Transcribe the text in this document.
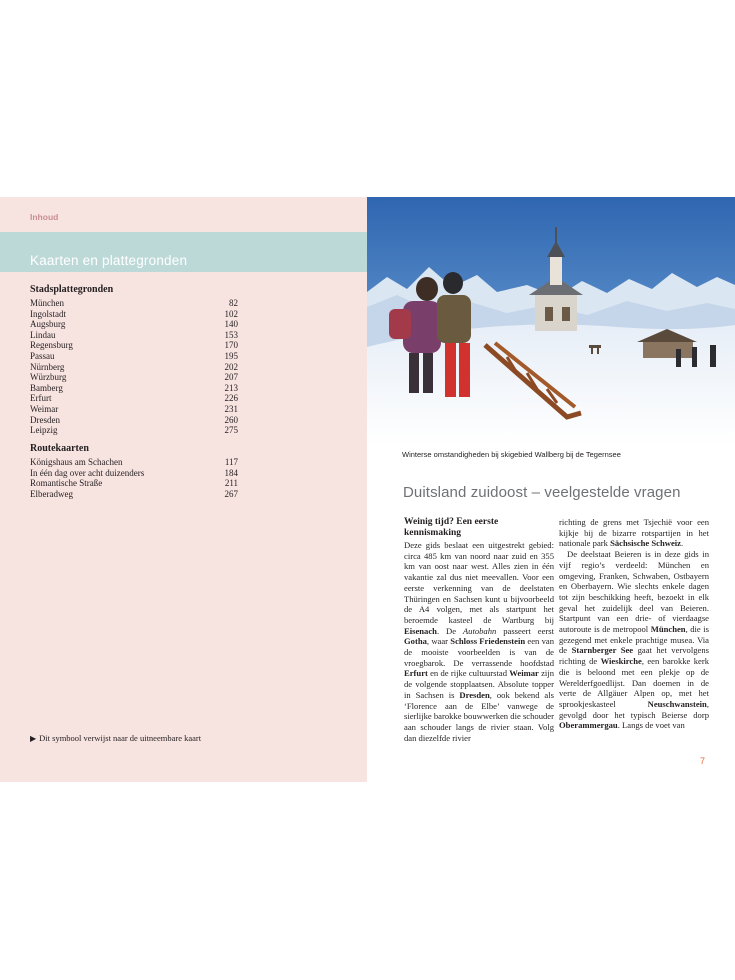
Inhoud
Kaarten en plattegronden
Stadsplattegronden
München	82
Ingolstadt	102
Augsburg	140
Lindau	153
Regensburg	170
Passau	195
Nürnberg	202
Würzburg	207
Bamberg	213
Erfurt	226
Weimar	231
Dresden	260
Leipzig	275
Routekaarten
Königshaus am Schachen	117
In één dag over acht duizenders	184
Romantische Straße	211
Elberadweg	267
▶ Dit symbool verwijst naar de uitneembare kaart
Winterse omstandigheden bij skigebied Wallberg bij de Tegernsee
Duitsland zuidoost – veelgestelde vragen
Weinig tijd? Een eerste kennismaking

Deze gids beslaat een uitgestrekt gebied: circa 485 km van noord naar zuid en 355 km van oost naar west. Alles zien in één vakantie zal dus niet meevallen. Voor een eerste verkenning van de deelstaten Thüringen en Sachsen kunt u bijvoorbeeld de A4 volgen, met als startpunt het beroemde kasteel de Wartburg bij Eisenach. De Autobahn passeert eerst Gotha, waar Schloss Friedenstein een van de mooiste voorbeelden is van de vroegbarok. De verrassende hoofdstad Erfurt en de rijke cultuurstad Weimar zijn de volgende stopplaatsen. Absolute topper in Sachsen is Dresden, ook bekend als ‘Florence aan de Elbe’ vanwege de sierlijke barokke bouwwerken die schouder aan schouder langs de rivier staan. Volg dan diezelfde rivier

richting de grens met Tsjechië voor een kijkje bij de bizarre rotspartijen in het nationale park Sächsische Schweiz.

De deelstaat Beieren is in deze gids in vijf regio’s verdeeld: München en omgeving, Franken, Schwaben, Ostbayern en Oberbayern. Wie slechts enkele dagen tot zijn beschikking heeft, bezoekt in elk geval het zuidelijk deel van Beieren. Startpunt van een drie- of vierdaagse autoroute is de metropool München, die is gezegend met enkele prachtige musea. Via de Starnberger See gaat het vervolgens richting de Wieskirche, een barokke kerk die is beloond met een plekje op de Werelderfgoedlijst. Dan doemen in de verte de Allgäuer Alpen op, met het sprookjeskasteel Neuschwanstein, gevolgd door het typisch Beierse dorp Oberammergau. Langs de voet van

7
